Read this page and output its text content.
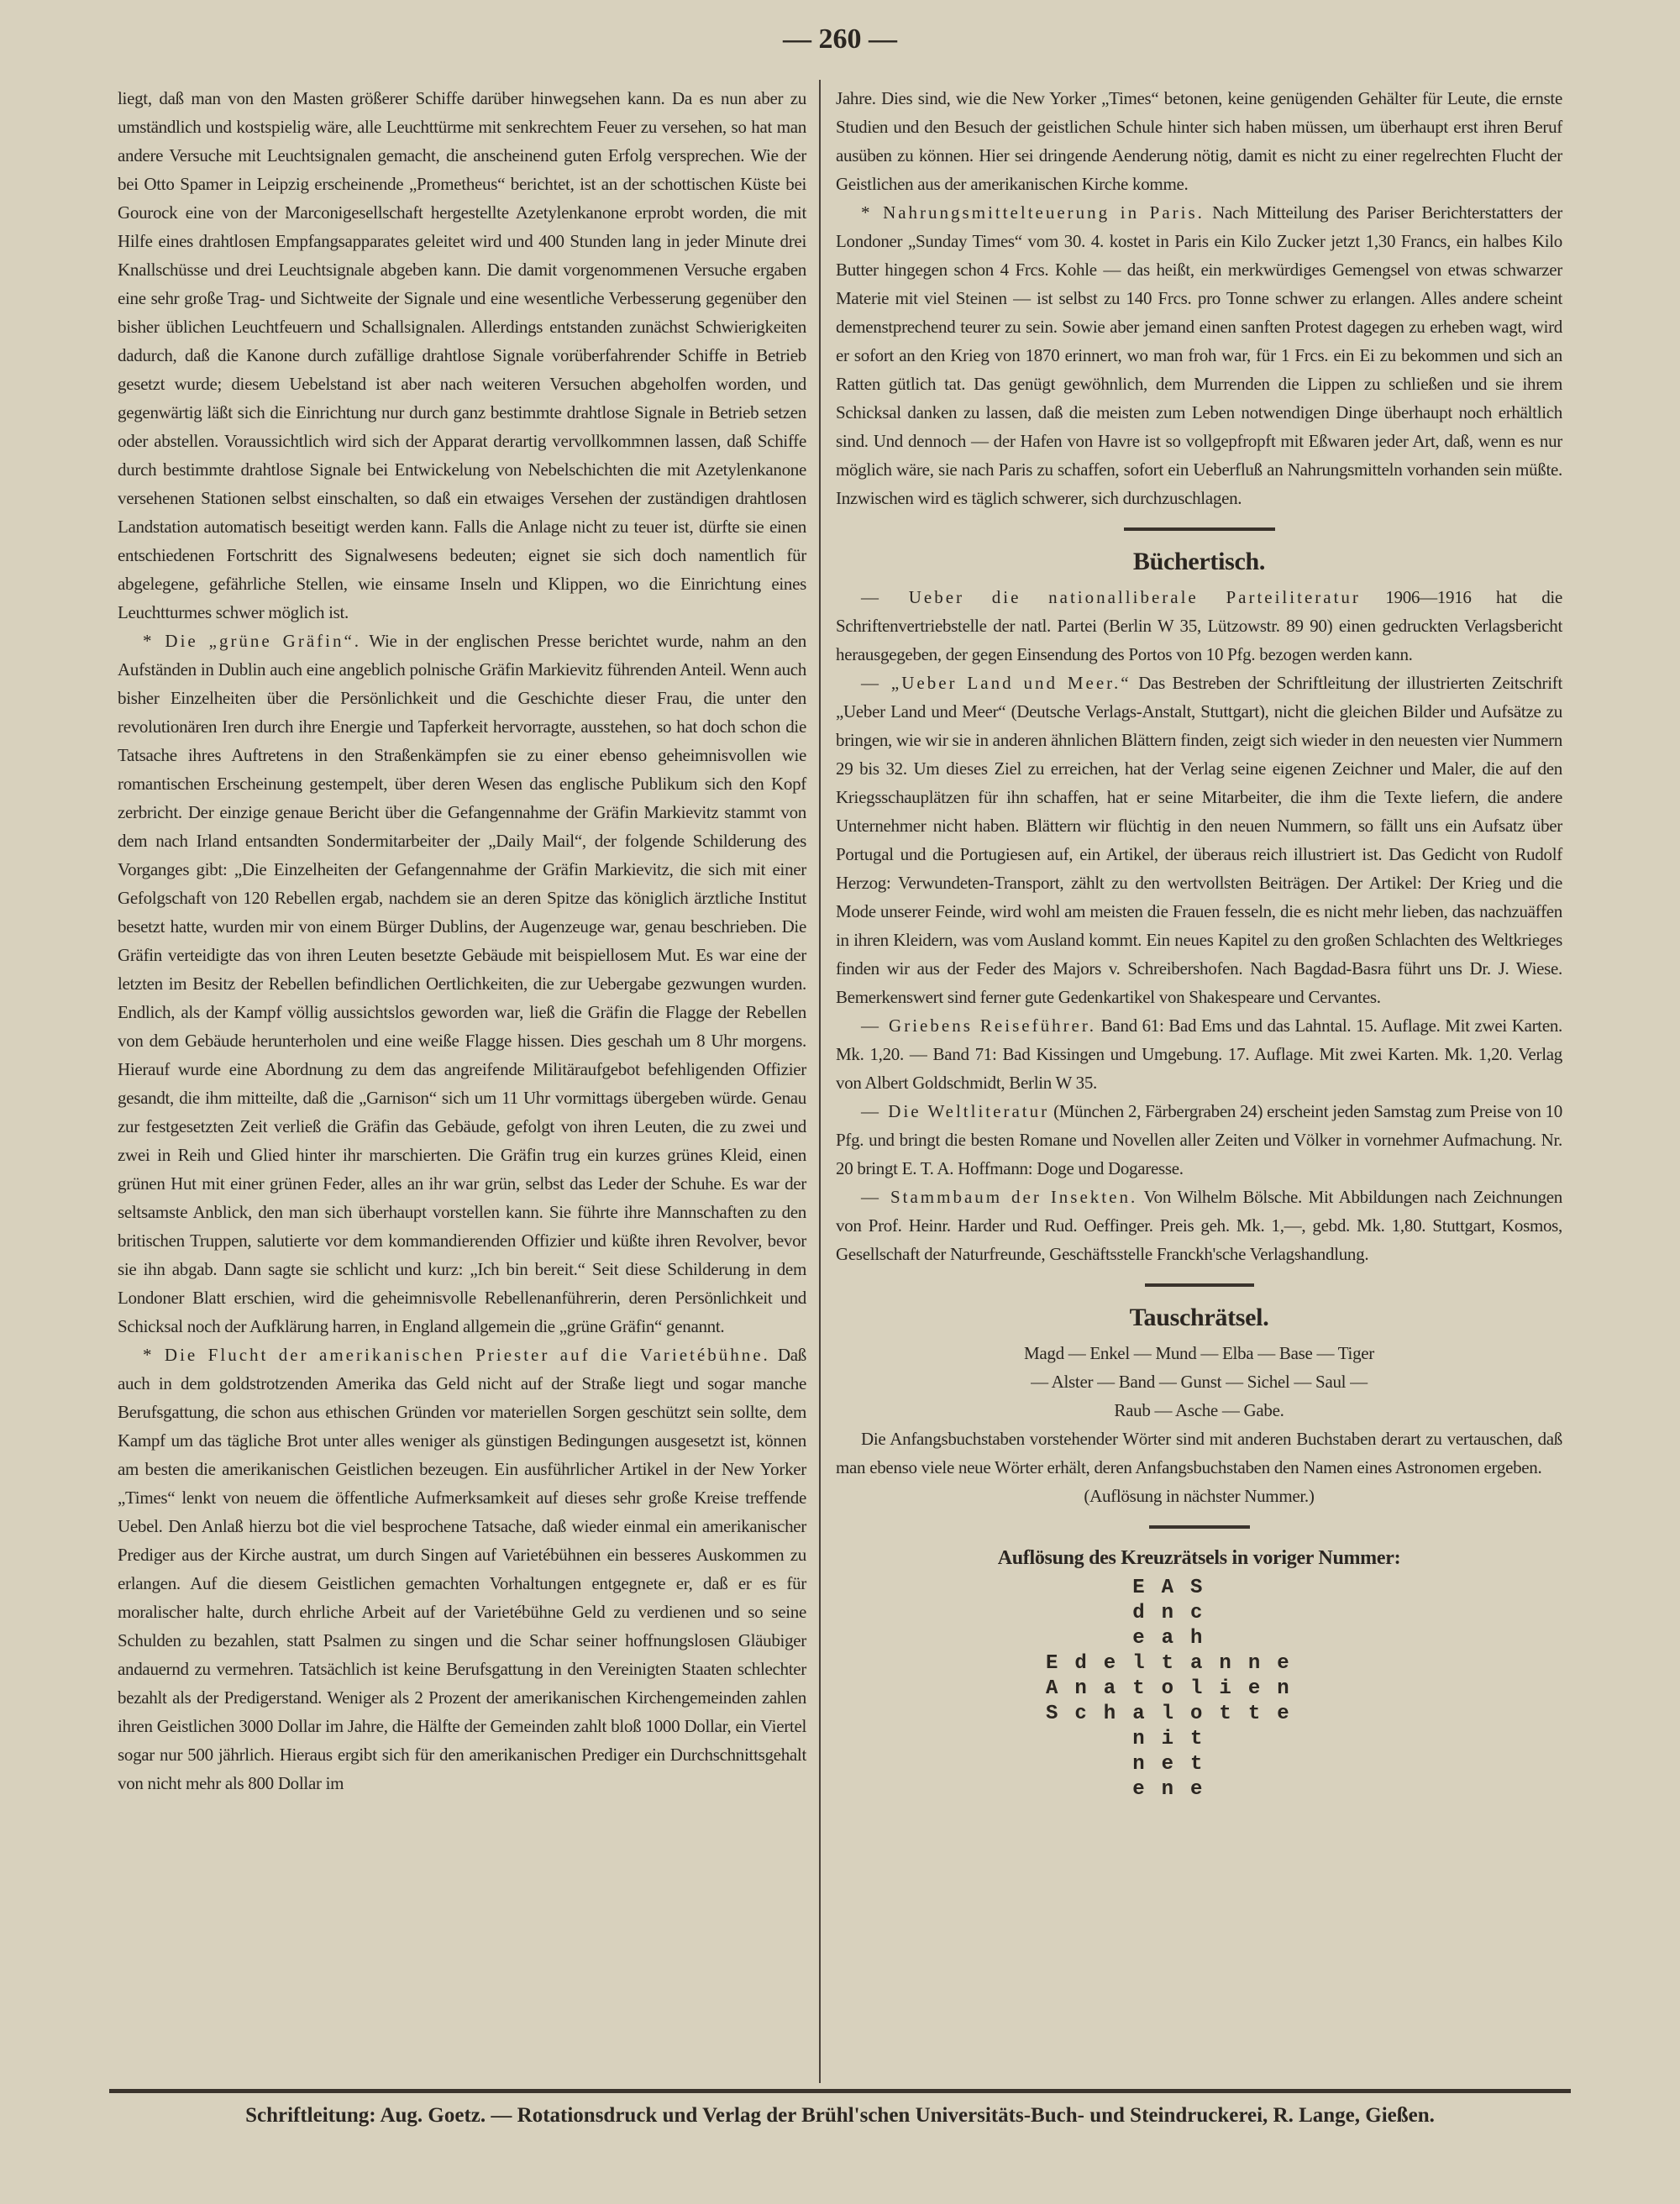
— 260 —

liegt, daß man von den Masten größerer Schiffe darüber hinwegsehen kann. Da es nun aber zu umständlich und kostspielig wäre, alle Leuchttürme mit senkrechtem Feuer zu versehen, so hat man andere Versuche mit Leuchtsignalen gemacht, die anscheinend guten Erfolg versprechen. Wie der bei Otto Spamer in Leipzig erscheinende „Prometheus“ berichtet, ist an der schottischen Küste bei Gourock eine von der Marconigesellschaft hergestellte Azetylenkanone erprobt worden, die mit Hilfe eines drahtlosen Empfangsapparates geleitet wird und 400 Stunden lang in jeder Minute drei Knallschüsse und drei Leuchtsignale abgeben kann. Die damit vorgenommenen Versuche ergaben eine sehr große Trag- und Sichtweite der Signale und eine wesentliche Verbesserung gegenüber den bisher üblichen Leuchtfeuern und Schallsignalen. Allerdings entstanden zunächst Schwierigkeiten dadurch, daß die Kanone durch zufällige drahtlose Signale vorüberfahrender Schiffe in Betrieb gesetzt wurde; diesem Uebelstand ist aber nach weiteren Versuchen abgeholfen worden, und gegenwärtig läßt sich die Einrichtung nur durch ganz bestimmte drahtlose Signale in Betrieb setzen oder abstellen. Voraussichtlich wird sich der Apparat derartig vervollkommnen lassen, daß Schiffe durch bestimmte drahtlose Signale bei Entwickelung von Nebelschichten die mit Azetylenkanone versehenen Stationen selbst einschalten, so daß ein etwaiges Versehen der zuständigen drahtlosen Landstation automatisch beseitigt werden kann. Falls die Anlage nicht zu teuer ist, dürfte sie einen entschiedenen Fortschritt des Signalwesens bedeuten; eignet sie sich doch namentlich für abgelegene, gefährliche Stellen, wie einsame Inseln und Klippen, wo die Einrichtung eines Leuchtturmes schwer möglich ist.

* Die „grüne Gräfin“. Wie in der englischen Presse berichtet wurde, nahm an den Aufständen in Dublin auch eine angeblich polnische Gräfin Markievitz führenden Anteil. Wenn auch bisher Einzelheiten über die Persönlichkeit und die Geschichte dieser Frau, die unter den revolutionären Iren durch ihre Energie und Tapferkeit hervorragte, ausstehen, so hat doch schon die Tatsache ihres Auftretens in den Straßenkämpfen sie zu einer ebenso geheimnisvollen wie romantischen Erscheinung gestempelt, über deren Wesen das englische Publikum sich den Kopf zerbricht. Der einzige genaue Bericht über die Gefangennahme der Gräfin Markievitz stammt von dem nach Irland entsandten Sondermitarbeiter der „Daily Mail“, der folgende Schilderung des Vorganges gibt: „Die Einzelheiten der Gefangennahme der Gräfin Markievitz, die sich mit einer Gefolgschaft von 120 Rebellen ergab, nachdem sie an deren Spitze das königlich ärztliche Institut besetzt hatte, wurden mir von einem Bürger Dublins, der Augenzeuge war, genau beschrieben. Die Gräfin verteidigte das von ihren Leuten besetzte Gebäude mit beispiellosem Mut. Es war eine der letzten im Besitz der Rebellen befindlichen Oertlichkeiten, die zur Uebergabe gezwungen wurden. Endlich, als der Kampf völlig aussichtslos geworden war, ließ die Gräfin die Flagge der Rebellen von dem Gebäude herunterholen und eine weiße Flagge hissen. Dies geschah um 8 Uhr morgens. Hierauf wurde eine Abordnung zu dem das angreifende Militäraufgebot befehligenden Offizier gesandt, die ihm mitteilte, daß die „Garnison“ sich um 11 Uhr vormittags übergeben würde. Genau zur festgesetzten Zeit verließ die Gräfin das Gebäude, gefolgt von ihren Leuten, die zu zwei und zwei in Reih und Glied hinter ihr marschierten. Die Gräfin trug ein kurzes grünes Kleid, einen grünen Hut mit einer grünen Feder, alles an ihr war grün, selbst das Leder der Schuhe. Es war der seltsamste Anblick, den man sich überhaupt vorstellen kann. Sie führte ihre Mannschaften zu den britischen Truppen, salutierte vor dem kommandierenden Offizier und küßte ihren Revolver, bevor sie ihn abgab. Dann sagte sie schlicht und kurz: „Ich bin bereit.“ Seit diese Schilderung in dem Londoner Blatt erschien, wird die geheimnisvolle Rebellenanführerin, deren Persönlichkeit und Schicksal noch der Aufklärung harren, in England allgemein die „grüne Gräfin“ genannt.

* Die Flucht der amerikanischen Priester auf die Varietébühne. Daß auch in dem goldstrotzenden Amerika das Geld nicht auf der Straße liegt und sogar manche Berufsgattung, die schon aus ethischen Gründen vor materiellen Sorgen geschützt sein sollte, dem Kampf um das tägliche Brot unter alles weniger als günstigen Bedingungen ausgesetzt ist, können am besten die amerikanischen Geistlichen bezeugen. Ein ausführlicher Artikel in der New Yorker „Times“ lenkt von neuem die öffentliche Aufmerksamkeit auf dieses sehr große Kreise treffende Uebel. Den Anlaß hierzu bot die viel besprochene Tatsache, daß wieder einmal ein amerikanischer Prediger aus der Kirche austrat, um durch Singen auf Varietébühnen ein besseres Auskommen zu erlangen. Auf die diesem Geistlichen gemachten Vorhaltungen entgegnete er, daß er es für moralischer halte, durch ehrliche Arbeit auf der Varietébühne Geld zu verdienen und so seine Schulden zu bezahlen, statt Psalmen zu singen und die Schar seiner hoffnungslosen Gläubiger andauernd zu vermehren. Tatsächlich ist keine Berufsgattung in den Vereinigten Staaten schlechter bezahlt als der Predigerstand. Weniger als 2 Prozent der amerikanischen Kirchengemeinden zahlen ihren Geistlichen 3000 Dollar im Jahre, die Hälfte der Gemeinden zahlt bloß 1000 Dollar, ein Viertel sogar nur 500 jährlich. Hieraus ergibt sich für den amerikanischen Prediger ein Durchschnittsgehalt von nicht mehr als 800 Dollar im

Jahre. Dies sind, wie die New Yorker „Times“ betonen, keine genügenden Gehälter für Leute, die ernste Studien und den Besuch der geistlichen Schule hinter sich haben müssen, um überhaupt erst ihren Beruf ausüben zu können. Hier sei dringende Aenderung nötig, damit es nicht zu einer regelrechten Flucht der Geistlichen aus der amerikanischen Kirche komme.

* Nahrungsmittelteuerung in Paris. Nach Mitteilung des Pariser Berichterstatters der Londoner „Sunday Times“ vom 30. 4. kostet in Paris ein Kilo Zucker jetzt 1,30 Francs, ein halbes Kilo Butter hingegen schon 4 Frcs. Kohle — das heißt, ein merkwürdiges Gemengsel von etwas schwarzer Materie mit viel Steinen — ist selbst zu 140 Frcs. pro Tonne schwer zu erlangen. Alles andere scheint demenstprechend teurer zu sein. Sowie aber jemand einen sanften Protest dagegen zu erheben wagt, wird er sofort an den Krieg von 1870 erinnert, wo man froh war, für 1 Frcs. ein Ei zu bekommen und sich an Ratten gütlich tat. Das genügt gewöhnlich, dem Murrenden die Lippen zu schließen und sie ihrem Schicksal danken zu lassen, daß die meisten zum Leben notwendigen Dinge überhaupt noch erhältlich sind. Und dennoch — der Hafen von Havre ist so vollgepfropft mit Eßwaren jeder Art, daß, wenn es nur möglich wäre, sie nach Paris zu schaffen, sofort ein Ueberfluß an Nahrungsmitteln vorhanden sein müßte. Inzwischen wird es täglich schwerer, sich durchzuschlagen.

Büchertisch.

— Ueber die nationalliberale Parteiliteratur 1906—1916 hat die Schriftenvertriebstelle der natl. Partei (Berlin W 35, Lützowstr. 89 90) einen gedruckten Verlagsbericht herausgegeben, der gegen Einsendung des Portos von 10 Pfg. bezogen werden kann.

— „Ueber Land und Meer.“ Das Bestreben der Schriftleitung der illustrierten Zeitschrift „Ueber Land und Meer“ (Deutsche Verlags-Anstalt, Stuttgart), nicht die gleichen Bilder und Aufsätze zu bringen, wie wir sie in anderen ähnlichen Blättern finden, zeigt sich wieder in den neuesten vier Nummern 29 bis 32. Um dieses Ziel zu erreichen, hat der Verlag seine eigenen Zeichner und Maler, die auf den Kriegsschauplätzen für ihn schaffen, hat er seine Mitarbeiter, die ihm die Texte liefern, die andere Unternehmer nicht haben. Blättern wir flüchtig in den neuen Nummern, so fällt uns ein Aufsatz über Portugal und die Portugiesen auf, ein Artikel, der überaus reich illustriert ist. Das Gedicht von Rudolf Herzog: Verwundeten-Transport, zählt zu den wertvollsten Beiträgen. Der Artikel: Der Krieg und die Mode unserer Feinde, wird wohl am meisten die Frauen fesseln, die es nicht mehr lieben, das nachzuäffen in ihren Kleidern, was vom Ausland kommt. Ein neues Kapitel zu den großen Schlachten des Weltkrieges finden wir aus der Feder des Majors v. Schreibershofen. Nach Bagdad-Basra führt uns Dr. J. Wiese. Bemerkenswert sind ferner gute Gedenkartikel von Shakespeare und Cervantes.

— Griebens Reiseführer. Band 61: Bad Ems und das Lahntal. 15. Auflage. Mit zwei Karten. Mk. 1,20. — Band 71: Bad Kissingen und Umgebung. 17. Auflage. Mit zwei Karten. Mk. 1,20. Verlag von Albert Goldschmidt, Berlin W 35.

— Die Weltliteratur (München 2, Färbergraben 24) erscheint jeden Samstag zum Preise von 10 Pfg. und bringt die besten Romane und Novellen aller Zeiten und Völker in vornehmer Aufmachung. Nr. 20 bringt E. T. A. Hoffmann: Doge und Dogaresse.

— Stammbaum der Insekten. Von Wilhelm Bölsche. Mit Abbildungen nach Zeichnungen von Prof. Heinr. Harder und Rud. Oeffinger. Preis geh. Mk. 1,—, gebd. Mk. 1,80. Stuttgart, Kosmos, Gesellschaft der Naturfreunde, Geschäftsstelle Franckh'sche Verlagshandlung.

Tauschrätsel.

Magd — Enkel — Mund — Elba — Base — Tiger

— Alster — Band — Gunst — Sichel — Saul —

Raub — Asche — Gabe.

Die Anfangsbuchstaben vorstehender Wörter sind mit anderen Buchstaben derart zu vertauschen, daß man ebenso viele neue Wörter erhält, deren Anfangsbuchstaben den Namen eines Astronomen ergeben.

(Auflösung in nächster Nummer.)

Auflösung des Kreuzrätsels in voriger Nummer:
EAS
dnc
eah
Edeltanne
Anatolien
Schalotte
nit
net
ene
Schriftleitung: Aug. Goetz. — Rotationsdruck und Verlag der Brühl'schen Universitäts-Buch- und Steindruckerei, R. Lange, Gießen.
